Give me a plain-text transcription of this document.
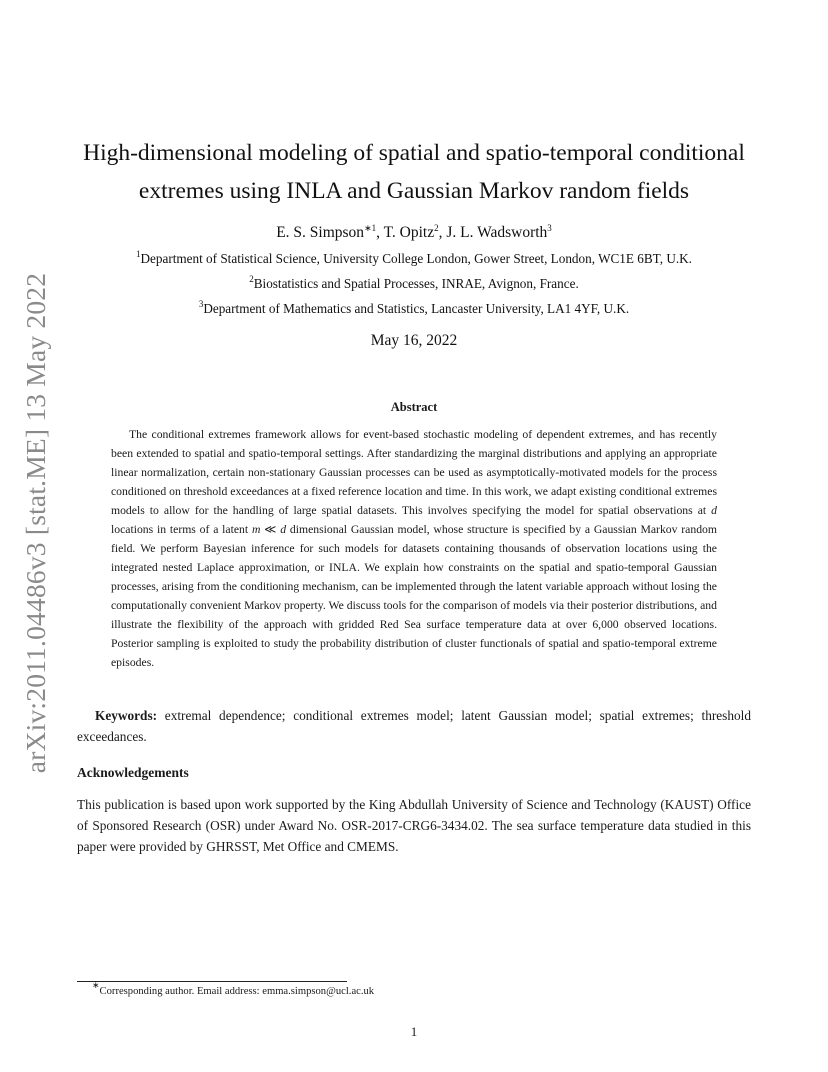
arXiv:2011.04486v3 [stat.ME] 13 May 2022
High-dimensional modeling of spatial and spatio-temporal conditional
extremes using INLA and Gaussian Markov random fields
E. S. Simpson$^{∗1}$, T. Opitz$^2$, J. L. Wadsworth$^3$
$^1$Department of Statistical Science, University College London, Gower Street, London, WC1E 6BT, U.K.
$^2$Biostatistics and Spatial Processes, INRAE, Avignon, France.
$^3$Department of Mathematics and Statistics, Lancaster University, LA1 4YF, U.K.
May 16, 2022
Abstract
The conditional extremes framework allows for event-based stochastic modeling of dependent extremes, and has recently been extended to spatial and spatio-temporal settings. After standardizing the marginal distributions and applying an appropriate linear normalization, certain non-stationary Gaussian processes can be used as asymptotically-motivated models for the process conditioned on threshold exceedances at a fixed reference location and time. In this work, we adapt existing conditional extremes models to allow for the handling of large spatial datasets. This involves specifying the model for spatial observations at d locations in terms of a latent m ≪ d dimensional Gaussian model, whose structure is specified by a Gaussian Markov random field. We perform Bayesian inference for such models for datasets containing thousands of observation locations using the integrated nested Laplace approximation, or INLA. We explain how constraints on the spatial and spatio-temporal Gaussian processes, arising from the conditioning mechanism, can be implemented through the latent variable approach without losing the computationally convenient Markov property. We discuss tools for the comparison of models via their posterior distributions, and illustrate the flexibility of the approach with gridded Red Sea surface temperature data at over 6,000 observed locations. Posterior sampling is exploited to study the probability distribution of cluster functionals of spatial and spatio-temporal extreme episodes.
Keywords: extremal dependence; conditional extremes model; latent Gaussian model; spatial extremes; threshold exceedances.
Acknowledgements
This publication is based upon work supported by the King Abdullah University of Science and Technology (KAUST) Office of Sponsored Research (OSR) under Award No. OSR-2017-CRG6-3434.02. The sea surface temperature data studied in this paper were provided by GHRSST, Met Office and CMEMS.
∗Corresponding author. Email address: emma.simpson@ucl.ac.uk
1
